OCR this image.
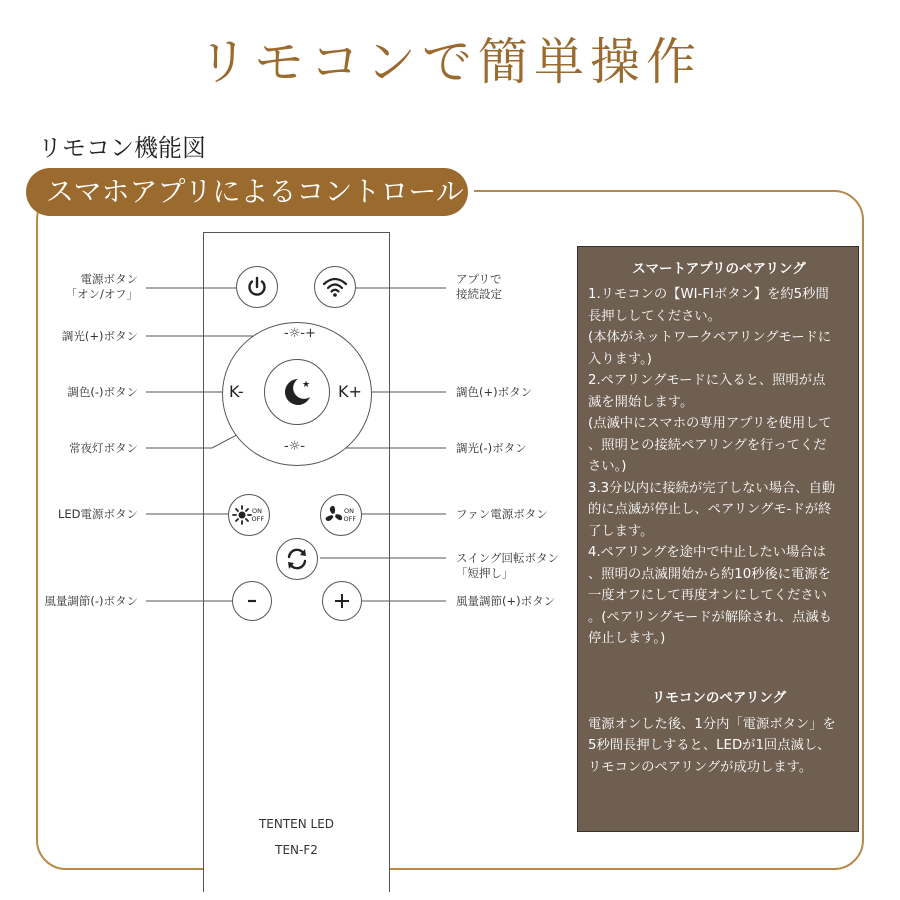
リモコンで簡単操作
リモコン機能図
スマホアプリによるコントロール
-☼-+
K-	K+
-☼-
★
ON
OFF
ON
OFF
TENTEN LED
TEN-F2
電源ボタン
「オン/オフ」
調光(+)ボタン
調色(-)ボタン
常夜灯ボタン
LED電源ボタン
風量調節(-)ボタン
アプリで
接続設定
調色(+)ボタン
調光(-)ボタン
ファン電源ボタン
スイング回転ボタン
「短押し」
風量調節(+)ボタン
スマートアプリのペアリング
1.リモコンの【WI-FIボタン】を約5秒間
長押ししてください。
(本体がネットワークペアリングモードに
入ります。)
2.ペアリングモードに入ると、照明が点
滅を開始します。
(点滅中にスマホの専用アプリを使用して
、照明との接続ペアリングを行ってくだ
さい。)
3.3分以内に接続が完了しない場合、自動
的に点滅が停止し、ペアリングモ-ドが終
了します。
4.ペアリングを途中で中止したい場合は
、照明の点滅開始から約10秒後に電源を
一度オフにして再度オンにしてください
。(ペアリングモードが解除され、点滅も
停止します。)
リモコンのペアリング
電源オンした後、1分内「電源ボタン」を
5秒間長押しすると、LEDが1回点滅し、
リモコンのペアリングが成功します。
